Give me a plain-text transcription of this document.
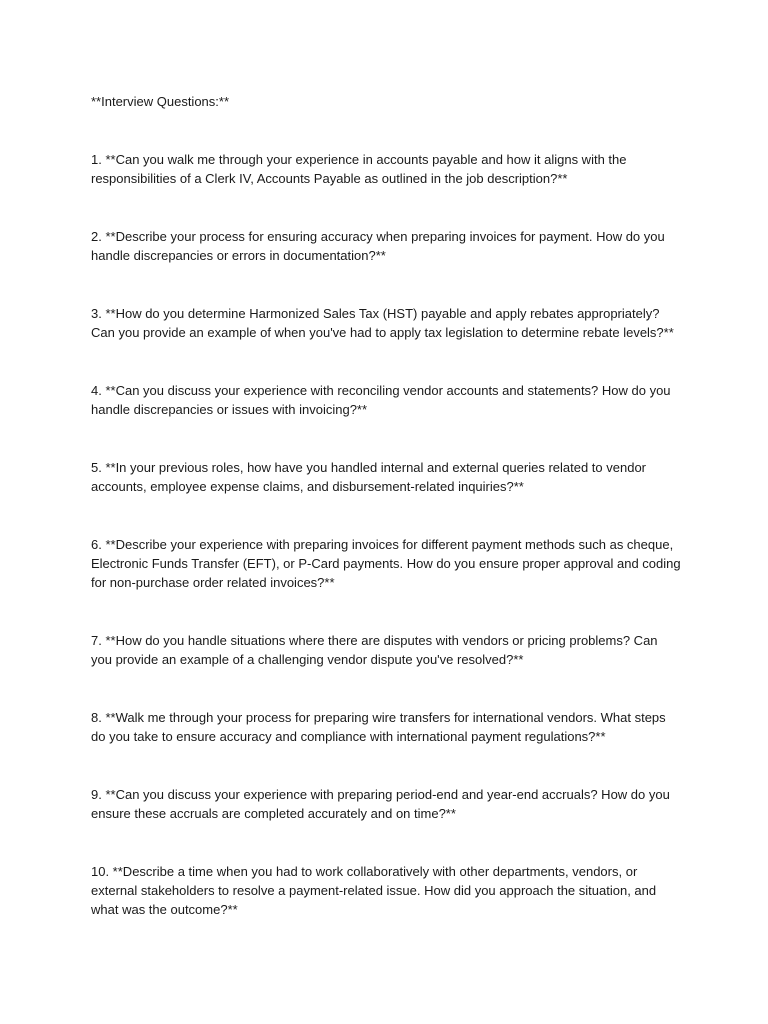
**Interview Questions:**

1. **Can you walk me through your experience in accounts payable and how it aligns with the responsibilities of a Clerk IV, Accounts Payable as outlined in the job description?**

2. **Describe your process for ensuring accuracy when preparing invoices for payment. How do you handle discrepancies or errors in documentation?**

3. **How do you determine Harmonized Sales Tax (HST) payable and apply rebates appropriately? Can you provide an example of when you've had to apply tax legislation to determine rebate levels?**

4. **Can you discuss your experience with reconciling vendor accounts and statements? How do you handle discrepancies or issues with invoicing?**

5. **In your previous roles, how have you handled internal and external queries related to vendor accounts, employee expense claims, and disbursement-related inquiries?**

6. **Describe your experience with preparing invoices for different payment methods such as cheque, Electronic Funds Transfer (EFT), or P-Card payments. How do you ensure proper approval and coding for non-purchase order related invoices?**

7. **How do you handle situations where there are disputes with vendors or pricing problems? Can you provide an example of a challenging vendor dispute you've resolved?**

8. **Walk me through your process for preparing wire transfers for international vendors. What steps do you take to ensure accuracy and compliance with international payment regulations?**

9. **Can you discuss your experience with preparing period-end and year-end accruals? How do you ensure these accruals are completed accurately and on time?**

10. **Describe a time when you had to work collaboratively with other departments, vendors, or external stakeholders to resolve a payment-related issue. How did you approach the situation, and what was the outcome?**
